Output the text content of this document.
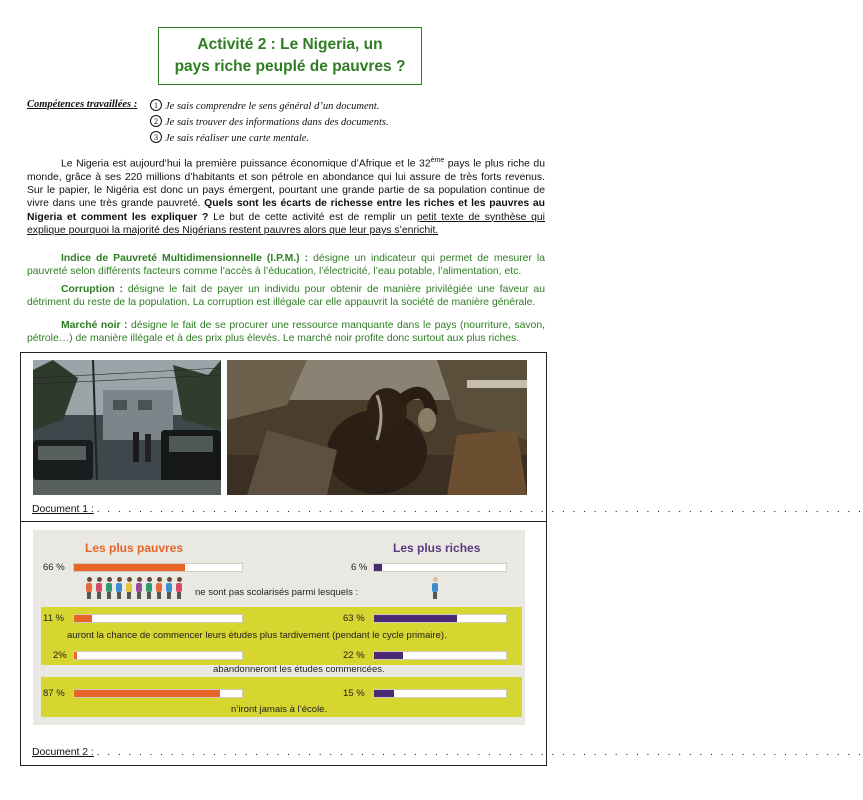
Activité 2 : Le Nigeria, un
pays riche peuplé de pauvres ?
Compétences travaillées :	1 Je sais comprendre le sens général d’un document.
2 Je sais trouver des informations dans des documents.
3 Je sais réaliser une carte mentale.

Le Nigeria est aujourd’hui la première puissance économique d’Afrique et le 32ème pays le plus riche du monde, grâce à ses 220 millions d’habitants et son pétrole en abondance qui lui assure de très forts revenus. Sur le papier, le Nigéria est donc un pays émergent, pourtant une grande partie de sa population continue de vivre dans une très grande pauvreté. Quels sont les écarts de richesse entre les riches et les pauvres au Nigeria et comment les expliquer ? Le but de cette activité est de remplir un petit texte de synthèse qui explique pourquoi la majorité des Nigérians restent pauvres alors que leur pays s’enrichit.

Indice de Pauvreté Multidimensionnelle (I.P.M.) : désigne un indicateur qui permet de mesurer la pauvreté selon différents facteurs comme l’accès à l’éducation, l’électricité, l’eau potable, l’alimentation, etc.

Corruption : désigne le fait de payer un individu pour obtenir de manière privilégiée une faveur au détriment du reste de la population. La corruption est illégale car elle appauvrit la société de manière générale.

Marché noir : désigne le fait de se procurer une ressource manquante dans le pays (nourriture, savon, pétrole…) de manière illégale et à des prix plus élevés. Le marché noir profite donc surtout aux plus riches.

Document 1 : . . . . . . . . . . . . . . . . . . . . . . . . . . . . . . . . . . . . . . . . . . . . . . . . . . . . . . . . . . . . . . . . . . . . . . . . .
Les plus pauvres	Les plus riches
66 %	6 %
ne sont pas scolarisés parmi lesquels :
11 %	63 %
auront la chance de commencer leurs études plus tardivement (pendant le cycle primaire).
2%	22 %
abandonneront les études commencées.
87 %	15 %
n’iront jamais à l’école.
Document 2 : . . . . . . . . . . . . . . . . . . . . . . . . . . . . . . . . . . . . . . . . . . . . . . . . . . . . . . . . . . . . . . . . . . . . . . . . .
